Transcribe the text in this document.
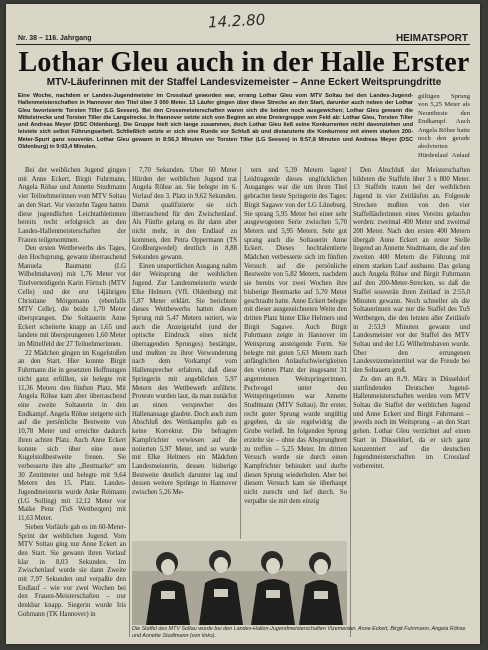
14.2.80
Nr. 38 – 116. Jahrgang	HEIMATSPORT
Lothar Gleu auch in der Halle Erster
MTV-Läuferinnen mit der Staffel Landesvizemeister – Anne Eckert Weitsprungdritte
Eine Woche, nachdem er Landes-Jugendmeister im Crosslauf geworden war, errang Lothar Gleu vom MTV Soltau bei den Landes-Jugend-Hallenmeisterschaften in Hannover den Titel über 3 000 Meter. 13 Läufer gingen über diese Strecke an den Start, darunter auch neben der Lothar Gleu favorisierte Torsten Tiller (LG Seesen). Bei den Crossmeisterschaften waren sich die beiden noch ausgewichen; Lothar Gleu gewann die Mittelstrecke und Torsten Tiller die Langstrecke. In Hannover setzte sich von Beginn an eine Dreiergruppe vom Feld ab: Lothar Gleu, Torsten Tiller und Andreas Meyer (DSC Oldenburg). Die Gruppe hielt sich lange zusammen, doch Lothar Gleu ließ seine Konkurrenten nicht davonziehen und leistete sich selbst Führungsarbeit. Schließlich setzte er sich eine Runde vor Schluß ab und distanzierte die Konkurrenz mit einem starken 200-Meter-Spurt ganz souverän. Lothar Gleu gewann in 8:56,3 Minuten vor Torsten Tiller (LG Seesen) in 8:57,8 Minuten und Andreas Meyer (DSC Oldenburg) in 9:03,4 Minuten.
gültigen Sprung von 5,25 Meter als Neuntbeste den Endkampf. Auch Angela Röhse hatte noch den gerade abolvierten Hürdenlauf Anlauf

Bei der weiblichen Jugend gingen mit Anne Eckert, Birgit Fuhrmann, Angela Röhse und Annette Studtmann vier Teilnehmerinnen vom MTV Soltau an den Start. Vor vierzehn Tagen hatten diese jugendlichen Leichtathletinnen bereits recht erfolgreich an den Landes-Hallenmeisterschaften der Frauen teilgenommen.

Den ersten Wettbewerbs des Tages, den Hochsprung, gewann überraschend Manuela Baumann (LG Wilhelmshaven) mit 1,76 Meter vor Titelverteidigerin Karin Förtsch (MTV Celle) und der erst 14jährigen Christiane Mörgemann (ebenfalls MTV Celle), die beide 1,70 Meter übersprangen. Die Soltauerin Anne Eckert scheiterte knapp an 1,65 und landete mit übersprungenen 1,60 Meter im Mittelfeld der 27 Teilnehmerinnen.

22 Mädchen gingen im Kugelstoßen an den Start. Hier konnte Birgit Fuhrmann die in gesetzten Hoffnungen nicht ganz erfüllen, sie belegte mit 11,36 Metern den fünften Platz. Mit Angela Röhse kam aber überraschend eine zweite Soltauerin in den Endkampf. Angela Röhse steigerte sich auf die persönliche Bestweite von 10,78 Meter und erreichte dadurch ihren achten Platz. Auch Anne Eckert konnte sich über eine neue Kugelstoßbestweite freuen. Sie verbesserte ihre alte „Bestmarke“ um 30 Zentimeter und belegte mit 9,64 Metern den 15. Platz. Landes-Jugendmeisterin wurde Anke Reimann (LG Solling) mit 12,12 Meter vor Maike Penz (TuS Wettbergen) mit 11,63 Meter.

Sieben Vorläufe gab es im 60-Meter-Sprint der weiblichen Jugend. Vom MTV Soltau ging nur Anne Eckert an den Start. Sie gewann ihren Vorlauf klar in 8,03 Sekunden. Im Zwischenlauf wurde sie dann Zweite mit 7,97 Sekunden und verpaßte den Endlauf – wie vor zwei Wochen bei den Frauen-Meisterschaften – nur denkbar knapp. Siegerin wurde Iris Gohmann (TK Hannover) in

7,70 Sekunden. Über 60 Meter Hürden der weiblichen Jugend trat Angela Röhse an. Sie belegte im 6. Vorlauf den 3. Platz in 9,62 Sekunden. Damit qualifizierte sie sich überraschend für den Zwischenlauf. Als Fünfte gelang es ihr dann aber nicht mehr, in den Endlauf zu kommen, den Petra Oppermann (TS Großburgwedel) deutlich in 8,88 Sekunden gewann.

Einen unsportlichen Ausgang nahm der Weitsprung der weiblichen Jugend. Zur Landesmeisterin wurde Elke Helmers (VfL Oldenburg) mit 5,87 Meter erklärt. Sie berichtete dieses Wettbewerbs hatten diesen Sprung mit 5,47 Metern notiert, wie auch die Anzeigetafel (und der optische Eindruck eines nicht überragenden Sprunges) bestätigte, und mußten zu ihrer Verwunderung nach dem Vorkampf vom Hallensprecher erfahren, daß diese Springerin mit angeblichen 5,97 Metern den Wettbewerb anführte. Proteste wurden laut, da man zunächst an einen versprecher des Hallenansage glaubte. Doch auch zum Abschluß des Wettkampfes gab es keine Korrektur. Die befragten Kampfrichter verwiesen auf die notierten 5,97 Meter, und so wurde mit Elke Helmers ein Mädchen Landesmeisterin, dessen bisherige Bestweite deutlich darunter lag und dessen weitere Sprünge in Hannover zwischen 5,26 Me-

tern und 5,39 Metern lagen! Leidtragende dieses unglücklichen Ausganges war die um ihren Titel gebrachte beste Springerin des Tages: Birgit Sagawe von der LG Lüneburg. Sie sprang 5,95 Meter bei einer sehr ausgewogenen Serie zwischen 5,70 Metern und 5,95 Metern. Sehr gut sprang auch die Soltauerin Anne Eckert. Dieses hochtalentierte Mädchen verbesserte sich im fünften Versuch auf die persönliche Bestweite von 5,82 Metern, nachdem sie bereits vor zwei Wochen ihre bisherige Bestmarke auf 5,70 Meter geschraubt hatte. Anne Eckert belegte mit dieser ausgezeichneten Weite den dritten Platz hinter Elke Helmers und Birgit Sagawe. Auch Birgit Fuhrmann zeigte in Hannover im Weitsprung ansteigende Form. Sie belegte mit guten 5,63 Metern nach anfänglichen Anlaufschwierigkeiten den vierten Platz der insgesamt 31 angetretenen Weitspringerinnen. Pechvogel unter den Weitspringerinnen war Annette Studtmann (MTV Soltau). Ihr erster, recht guter Sprung wurde ungültig gegeben, da sie regelwidrig die Grube verließ. Im folgenden Sprung erzielte sie – ohne das Absprungbrett zu treffen – 5,25 Meter. Im dritten Versuch wurde sie durch einen Kampfrichter behindert und durfte diesen Sprung wiederholen. Aber bei diesem Versuch kam sie überhaupt nicht zurecht und lief durch. So verpaßte sie mit dem einzig

Den Abschluß der Meisterschaften bildeten die Staffeln über 3 x 800 Meter. 13 Staffeln traten bei der weiblichen Jugend in vier Zeitläufen an. Folgende Strecken mußten von den vier Staffelläuferinnen eines Vereins gelaufen werden: zweimal 400 Meter und zweimal 200 Meter. Nach den ersten 400 Metern übergab Anne Eckert an erster Stelle liegend an Annette Studtmann, die auf den zweiten 400 Metern die Führung mit einem starken Lauf ausbaute. Das gelang auch Angela Röhse und Birgit Fuhrmann auf den 200-Meter-Strecken, so daß die Staffel souverän ihren Zeitlauf in 2:55,0 Minuten gewann. Noch schneller als die Soltauerinnen war nur die Staffel des TuS Wettbergen, die den letzten aller Zeitläufe in 2:53,9 Minuten gewann und Landesmeister vor der Staffel des MTV Soltau und der LG Wilhelmshaven wurde. Über den errungenen Landesvizemeistertitel war die Freude bei den Soltauern groß.

Zu den am 8./9. März in Düsseldorf stattfindenden Deutschen Jugend-Hallenmeisterschaften werden vom MTV Soltau die Staffel der weiblichen Jugend und Anne Eckert und Birgit Fuhrmann – jeweils noch im Weitsprung – an den Start gehen. Lothar Gleu verzichtet auf einen Start in Düsseldorf, da er sich ganz konzentriert auf die deutschen Jugendmeisterschaften im Crosslauf vorbereitet.

Die Staffel des MTV Soltau wurde bei den Landes-Hallen-Jugendmeisterschaften Vizemeister. Anne Eckert, Birgit Fuhrmann, Angela Röhse und Annette Studtmann (von links).
